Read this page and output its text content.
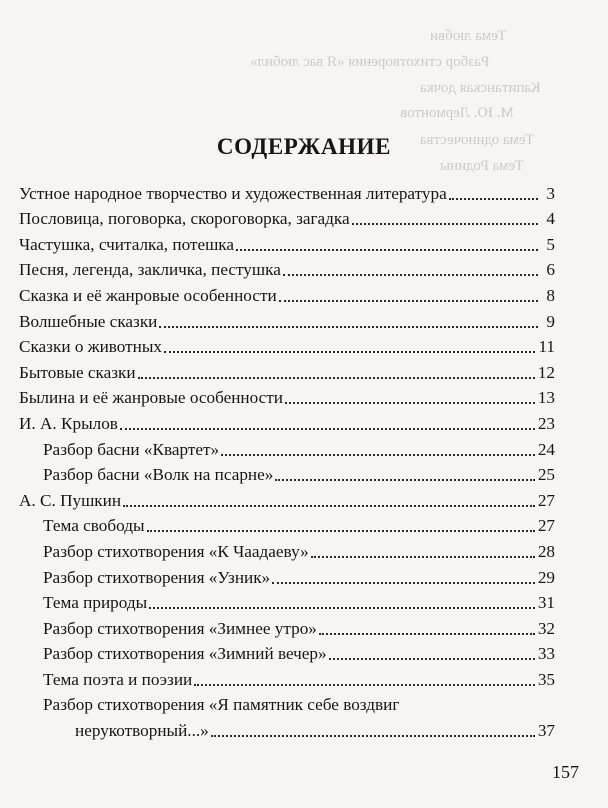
Тема любви
Разбор стихотворения «Я вас любил»
Капитанская дочка
М. Ю. Лермонтов
Тема одиночества
Тема Родины
СОДЕРЖАНИЕ
Устное народное творчество и художественная литература	3
Пословица, поговорка, скороговорка, загадка	4
Частушка, считалка, потешка	5
Песня, легенда, закличка, пестушка	6
Сказка и её жанровые особенности	8
Волшебные сказки	9
Сказки о животных	11
Бытовые сказки	12
Былина и её жанровые особенности	13
И. А. Крылов	23
Разбор басни «Квартет»	24
Разбор басни «Волк на псарне»	25
А. С. Пушкин	27
Тема свободы	27
Разбор стихотворения «К Чаадаеву»	28
Разбор стихотворения «Узник»	29
Тема природы	31
Разбор стихотворения «Зимнее утро»	32
Разбор стихотворения «Зимний вечер»	33
Тема поэта и поэзии	35
Разбор стихотворения «Я памятник себе воздвиг
нерукотворный...»	37
157
